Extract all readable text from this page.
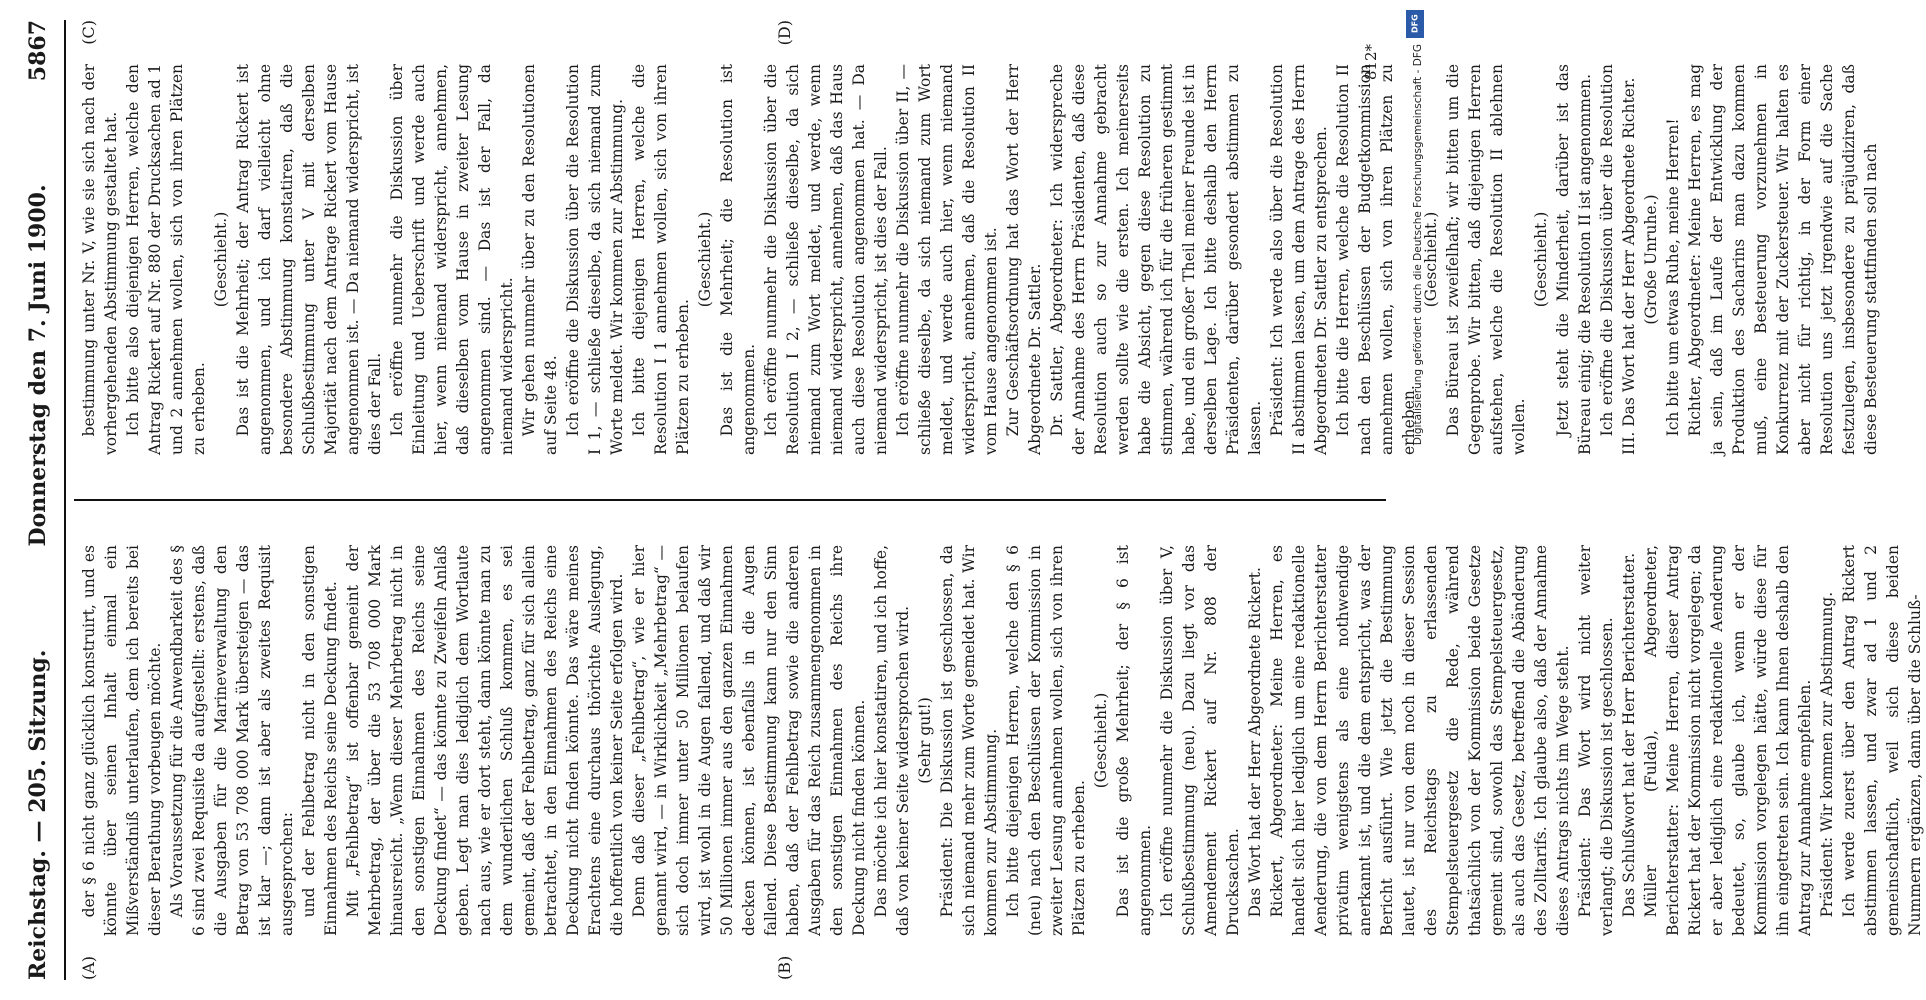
Reichstag. — 205. Sitzung.
Donnerstag den 7. Juni 1900.
5867
(A)	(B)

der § 6 nicht ganz glücklich konstruirt, und es könnte über seinen Inhalt einmal ein Mißverständniß unterlaufen, dem ich bereits bei dieser Berathung vorbeugen möchte. Als Voraussetzung für die Anwendbarkeit des § 6 sind zwei Requisite da aufgestellt: erstens, daß die Ausgaben für die Marineverwaltung den Betrag von 53 708 000 Mark übersteigen — das ist klar —; dann ist aber als zweites Requisit ausgesprochen: und der Fehlbetrag nicht in den sonstigen Einnahmen des Reichs seine Deckung findet. Mit „Fehlbetrag“ ist offenbar gemeint der Mehrbetrag, der über die 53 708 000 Mark hinausreicht. „Wenn dieser Mehrbetrag nicht in den sonstigen Einnahmen des Reichs seine Deckung findet“ — das könnte zu Zweifeln Anlaß geben. Legt man dies lediglich dem Wortlaute nach aus, wie er dort steht, dann könnte man zu dem wunderlichen Schluß kommen, es sei gemeint, daß der Fehlbetrag, ganz für sich allein betrachtet, in den Einnahmen des Reichs eine Deckung nicht finden könnte. Das wäre meines Erachtens eine durchaus thörichte Auslegung, die hoffentlich von keiner Seite erfolgen wird. Denn daß dieser „Fehlbetrag“, wie er hier genannt wird, — in Wirklichkeit „Mehrbetrag“ — sich doch immer unter 50 Millionen belaufen wird, ist wohl in die Augen fallend, und daß wir 50 Millionen immer aus den ganzen Einnahmen decken können, ist ebenfalls in die Augen fallend. Diese Bestimmung kann nur den Sinn haben, daß der Fehlbetrag sowie die anderen Ausgaben für das Reich zusammengenommen in den sonstigen Einnahmen des Reichs ihre Deckung nicht finden können. Das möchte ich hier konstatiren, und ich hoffe, daß von keiner Seite widersprochen wird. (Sehr gut!) Präsident: Die Diskussion ist geschlossen, da sich niemand mehr zum Worte gemeldet hat. Wir kommen zur Abstimmung. Ich bitte diejenigen Herren, welche den § 6 (neu) nach den Beschlüssen der Kommission in zweiter Lesung annehmen wollen, sich von ihren Plätzen zu erheben.

(Geschieht.) Das ist die große Mehrheit; der § 6 ist angenommen. Ich eröffne nunmehr die Diskussion über V, Schlußbestimmung (neu). Dazu liegt vor das Amendement Rickert auf Nr. 808 der Drucksachen. Das Wort hat der Herr Abgeordnete Rickert. Rickert, Abgeordneter: Meine Herren, es handelt sich hier lediglich um eine redaktionelle Aenderung, die von dem Herrn Berichterstatter privatim wenigstens als eine nothwendige anerkannt ist, und die dem entspricht, was der Bericht ausführt. Wie jetzt die Bestimmung lautet, ist nur von dem noch in dieser Session des Reichstags zu erlassenden Stempelsteuergesetz die Rede, während thatsächlich von der Kommission beide Gesetze gemeint sind, sowohl das Stempelsteuergesetz, als auch das Gesetz, betreffend die Abänderung des Zolltarifs. Ich glaube also, daß der Annahme dieses Antrags nichts im Wege steht. Präsident: Das Wort wird nicht weiter verlangt; die Diskussion ist geschlossen. Das Schlußwort hat der Herr Berichterstatter. Müller (Fulda), Abgeordneter, Berichterstatter: Meine Herren, dieser Antrag Rickert hat der Kommission nicht vorgelegen; da er aber lediglich eine redaktionelle Aenderung bedeutet, so, glaube ich, wenn er der Kommission vorgelegen hätte, würde diese für ihn eingetreten sein. Ich kann Ihnen deshalb den Antrag zur Annahme empfehlen. Präsident: Wir kommen zur Abstimmung. Ich werde zuerst über den Antrag Rickert abstimmen lassen, und zwar ad 1 und 2 gemeinschaftlich, weil sich diese beiden Nummern ergänzen, dann über die Schluß-

(C)	(D)
812*

bestimmung unter Nr. V, wie sie sich nach der vorhergehenden Abstimmung gestaltet hat. Ich bitte also diejenigen Herren, welche den Antrag Rickert auf Nr. 880 der Drucksachen ad 1 und 2 annehmen wollen, sich von ihren Plätzen zu erheben.

(Geschieht.) Das ist die Mehrheit; der Antrag Rickert ist angenommen, und ich darf vielleicht ohne besondere Abstimmung konstatiren, daß die Schlußbestimmung unter V mit derselben Majorität nach dem Antrage Rickert vom Hause angenommen ist. — Da niemand widerspricht, ist dies der Fall. Ich eröffne nunmehr die Diskussion über Einleitung und Ueberschrift und werde auch hier, wenn niemand widerspricht, annehmen, daß dieselben vom Hause in zweiter Lesung angenommen sind. — Das ist der Fall, da niemand widerspricht. Wir gehen nunmehr über zu den Resolutionen auf Seite 48. Ich eröffne die Diskussion über die Resolution I 1, — schließe dieselbe, da sich niemand zum Worte meldet. Wir kommen zur Abstimmung. Ich bitte diejenigen Herren, welche die Resolution I 1 annehmen wollen, sich von ihren Plätzen zu erheben.

(Geschieht.) Das ist die Mehrheit; die Resolution ist angenommen. Ich eröffne nunmehr die Diskussion über die Resolution I 2, — schließe dieselbe, da sich niemand zum Wort meldet, und werde, wenn niemand widerspricht, annehmen, daß das Haus auch diese Resolution angenommen hat. — Da niemand widerspricht, ist dies der Fall. Ich eröffne nunmehr die Diskussion über II, — schließe dieselbe, da sich niemand zum Wort meldet, und werde auch hier, wenn niemand widerspricht, annehmen, daß die Resolution II vom Hause angenommen ist. Zur Geschäftsordnung hat das Wort der Herr Abgeordnete Dr. Sattler. Dr. Sattler, Abgeordneter: Ich widerspreche der Annahme des Herrn Präsidenten, daß diese Resolution auch so zur Annahme gebracht werden sollte wie die ersten. Ich meinerseits habe die Absicht, gegen diese Resolution zu stimmen, während ich für die früheren gestimmt habe, und ein großer Theil meiner Freunde ist in derselben Lage. Ich bitte deshalb den Herrn Präsidenten, darüber gesondert abstimmen zu lassen. Präsident: Ich werde also über die Resolution II abstimmen lassen, um dem Antrage des Herrn Abgeordneten Dr. Sattler zu entsprechen. Ich bitte die Herren, welche die Resolution II nach den Beschlüssen der Budgetkommission annehmen wollen, sich von ihren Plätzen zu erheben.

(Geschieht.) Das Büreau ist zweifelhaft; wir bitten um die Gegenprobe. Wir bitten, daß diejenigen Herren aufstehen, welche die Resolution II ablehnen wollen.

(Geschieht.) Jetzt steht die Minderheit, darüber ist das Büreau einig; die Resolution II ist angenommen. Ich eröffne die Diskussion über die Resolution III. Das Wort hat der Herr Abgeordnete Richter. (Große Unruhe.) Ich bitte um etwas Ruhe, meine Herren! Richter, Abgeordneter: Meine Herren, es mag ja sein, daß im Laufe der Entwicklung der Produktion des Sacharins man dazu kommen muß, eine Besteuerung vorzunehmen in Konkurrenz mit der Zuckersteuer. Wir halten es aber nicht für richtig, in der Form einer Resolution uns jetzt irgendwie auf die Sache festzulegen, insbesondere zu präjudiziren, daß diese Besteuerung stattfinden soll nach

DFG
Digitalisierung gefördert durch die Deutsche Forschungsgemeinschaft - DFG
